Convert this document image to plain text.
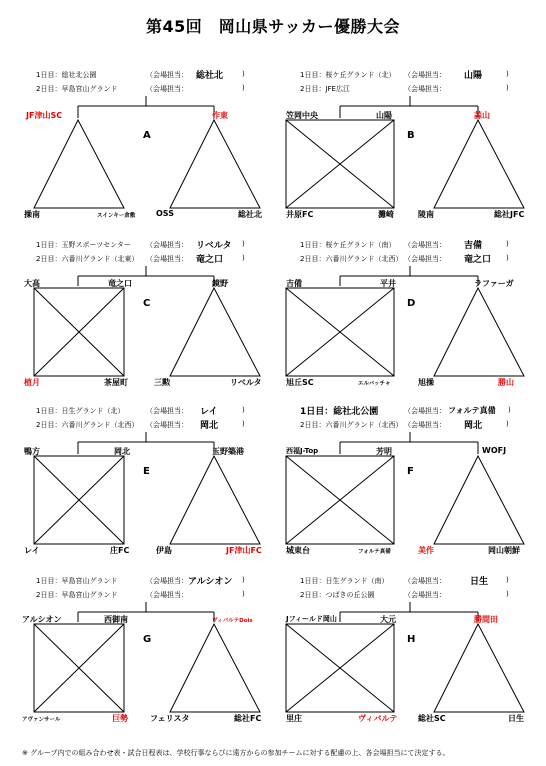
第45回　岡山県サッカー優勝大会
1日目：総社北公園	（会場担当： 総社北	)
2日目：早島宮山グランド	（会場担当：	)
JF津山SC	作東
A
操南	スインキー倉敷	OSS	総社北
1日目：桜ケ丘グランド（北） （会場担当： 山陽	)
2日目：JFE広江	（会場担当：	)
笠岡中央	山陽	蒜山
B
井原FC	灘崎	陵南	総社JFC
1日目：玉野スポーツセンター （会場担当： リベルタ )
2日目：六番川グランド（北東） （会場担当： 竜之口	)
大高	竜之口	鏡野
C
植月	茶屋町	三勲	リベルタ
1日目：桜ケ丘グランド（南） （会場担当： 吉備	)
2日目：六番川グランド（北西） （会場担当： 竜之口 )
吉備	平井	ラファーガ
D
旭丘SC	エルバッチャ	旭操	勝山
1日目：日生グランド（北）	（会場担当： レイ	)
2日目：六番川グランド（北西） （会場担当： 岡北	)
鴨方	岡北	玉野築港
E
レイ	庄FC	伊島	JF津山FC
1日目：総社北公園	（会場担当： フォルテ真備 )
2日目：六番川グランド（北西） （会場担当： 岡北	)
西福J-Top	芳明	WOFJ
F
城東台	フォルテ真備	美作	岡山朝鮮
1日目：早島宮山グランド	（会場担当： アルシオン )
2日目：早島宮山グランド	（会場担当：	)
アルシオン	西御南	ヴィバルテDois
G
アヴァンサール	巨勢	フェリスタ	総社FC
1日目：日生グランド（南） （会場担当：	日生	)
2日目：つばきの丘公園	（会場担当：	)
Jフィールド岡山	大元	勝間田
H
里庄	ヴィバルテ	総社SC	日生
※ グループ内での組み合わせ表・試合日程表は、学校行事ならびに遠方からの参加チームに対する配慮の上、各会場担当にて決定する。
